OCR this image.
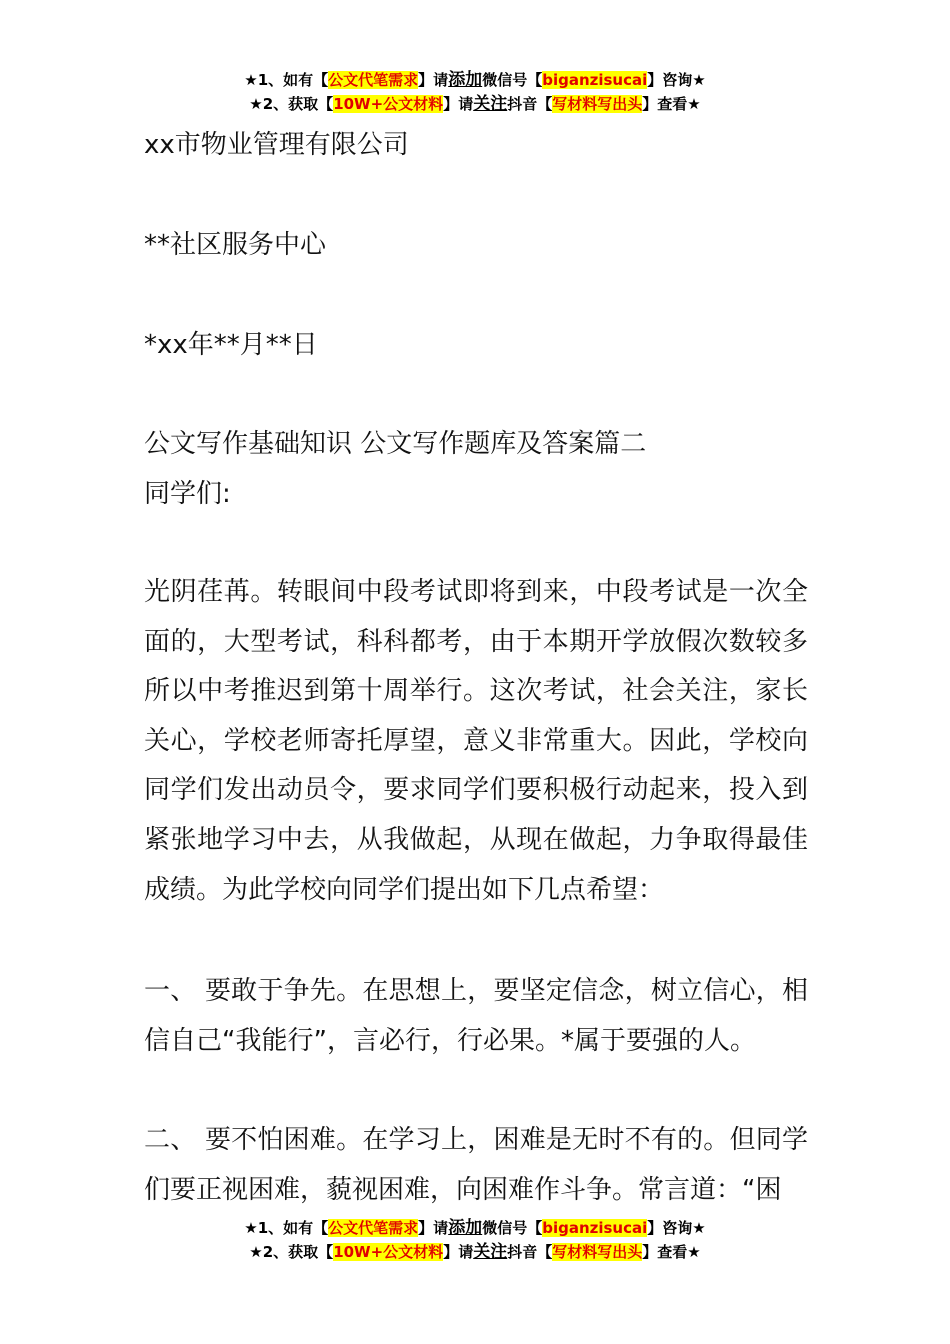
★1、如有【公文代笔需求】请添加微信号【biganzisucai】咨询★
★2、获取【10W+公文材料】请关注抖音【写材料写出头】查看★
xx市物业管理有限公司
**社区服务中心
*xx年**月**日
公文写作基础知识 公文写作题库及答案篇二
同学们:
光阴荏苒。转眼间中段考试即将到来，中段考试是一次全面的，大型考试，科科都考，由于本期开学放假次数较多所以中考推迟到第十周举行。这次考试，社会关注，家长关心，学校老师寄托厚望，意义非常重大。因此，学校向同学们发出动员令，要求同学们要积极行动起来，投入到紧张地学习中去，从我做起，从现在做起，力争取得最佳成绩。为此学校向同学们提出如下几点希望：
一、 要敢于争先。在思想上，要坚定信念，树立信心，相信自己“我能行”，言必行，行必果。*属于要强的人。
二、 要不怕困难。在学习上，困难是无时不有的。但同学们要正视困难，藐视困难，向困难作斗争。常言道：“困
★1、如有【公文代笔需求】请添加微信号【biganzisucai】咨询★
★2、获取【10W+公文材料】请关注抖音【写材料写出头】查看★
